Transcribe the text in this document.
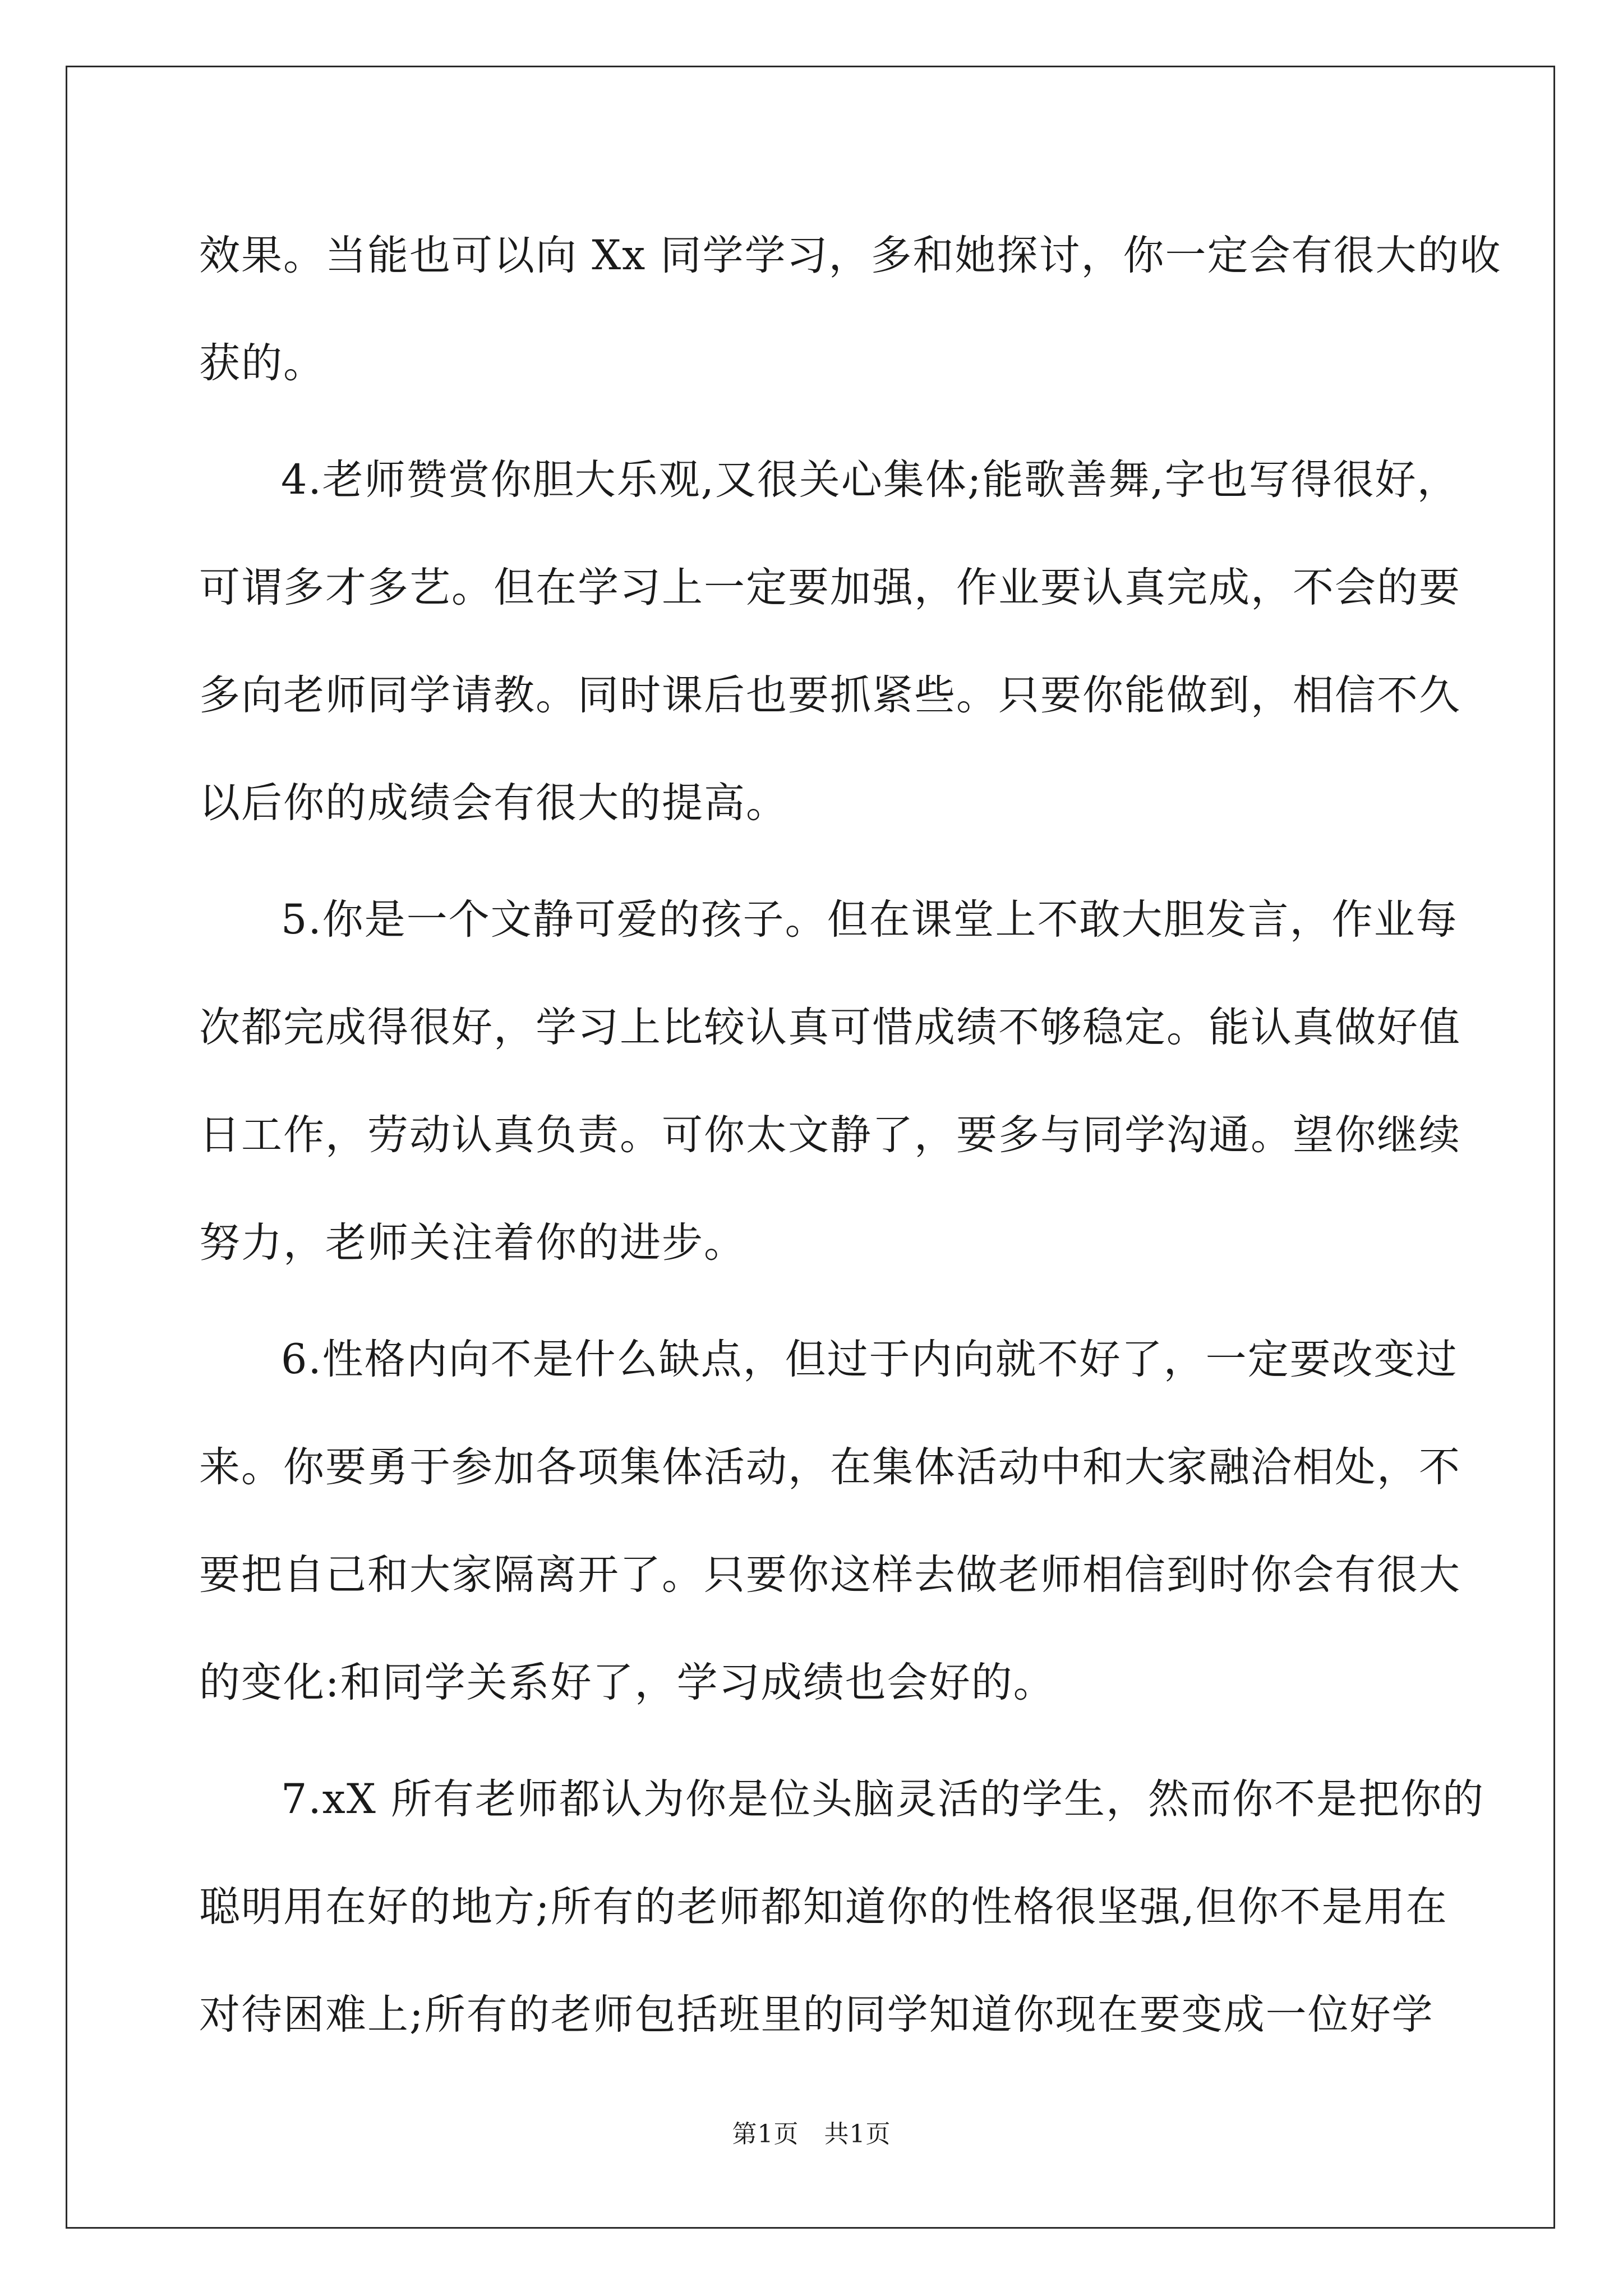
效果。当能也可以向 Xx 同学学习，多和她探讨，你一定会有很大的收
获的。
4.老师赞赏你胆大乐观,又很关心集体;能歌善舞,字也写得很好，
可谓多才多艺。但在学习上一定要加强，作业要认真完成，不会的要
多向老师同学请教。同时课后也要抓紧些。只要你能做到，相信不久
以后你的成绩会有很大的提高。
5.你是一个文静可爱的孩子。但在课堂上不敢大胆发言，作业每
次都完成得很好，学习上比较认真可惜成绩不够稳定。能认真做好值
日工作，劳动认真负责。可你太文静了，要多与同学沟通。望你继续
努力，老师关注着你的进步。
6.性格内向不是什么缺点，但过于内向就不好了，一定要改变过
来。你要勇于参加各项集体活动，在集体活动中和大家融洽相处，不
要把自己和大家隔离开了。只要你这样去做老师相信到时你会有很大
的变化:和同学关系好了，学习成绩也会好的。
7.xX 所有老师都认为你是位头脑灵活的学生，然而你不是把你的
聪明用在好的地方;所有的老师都知道你的性格很坚强,但你不是用在
对待困难上;所有的老师包括班里的同学知道你现在要变成一位好学
第1页   共1页
